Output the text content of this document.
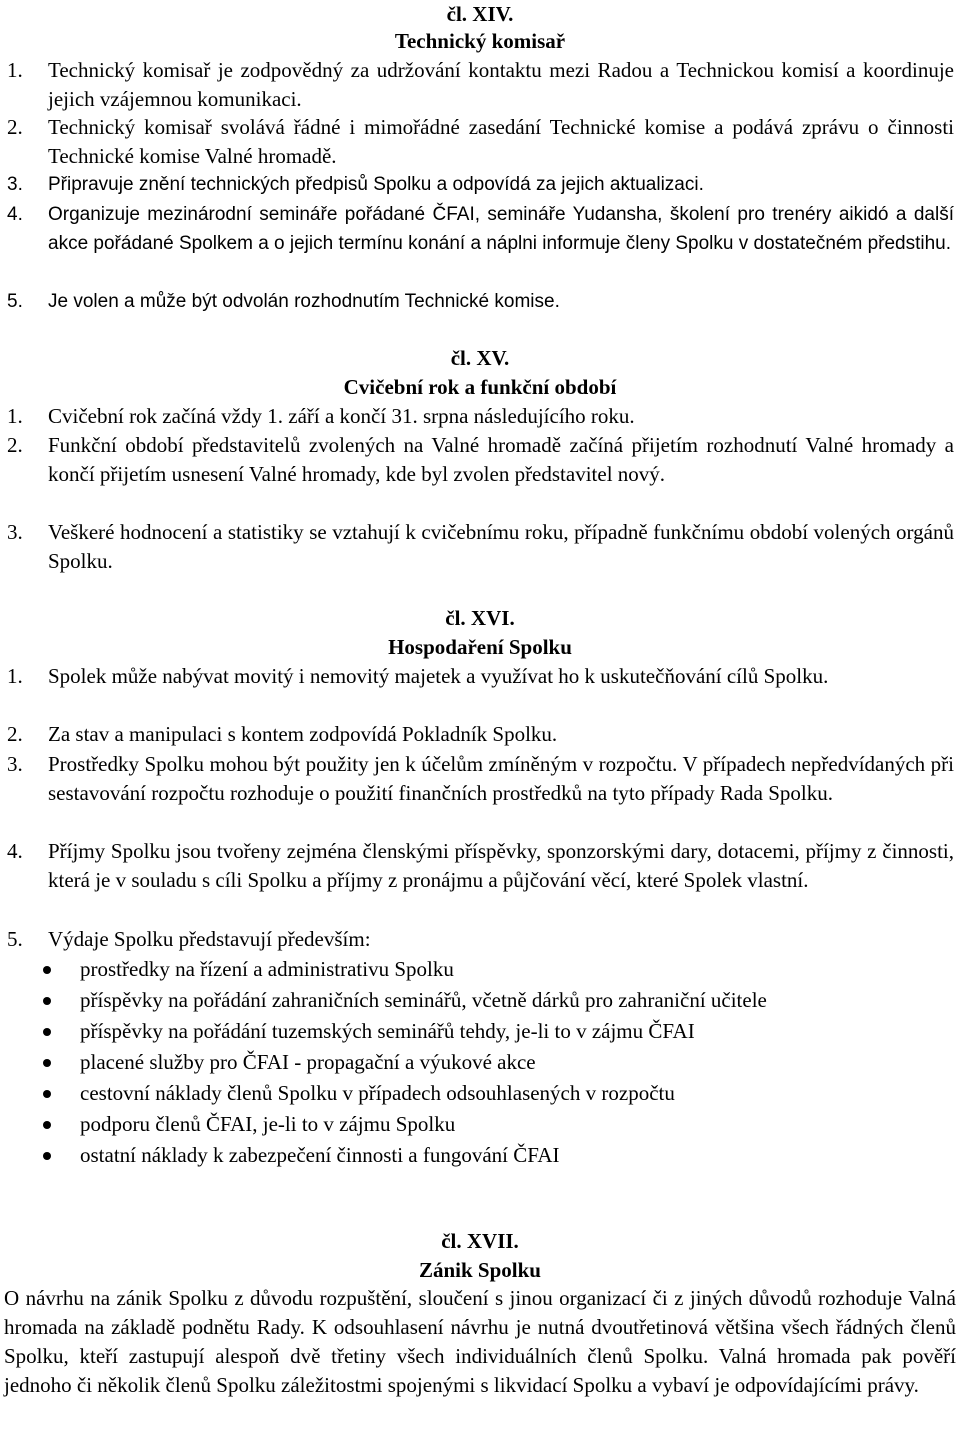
čl. XIV.
Technický komisař
1.	Technický komisař je zodpovědný za udržování kontaktu mezi Radou a Technickou komisí a koordinuje jejich vzájemnou komunikaci.
2.	Technický komisař svolává řádné i mimořádné zasedání Technické komise a podává zprávu o činnosti Technické komise Valné hromadě.
3.	Připravuje znění technických předpisů Spolku a odpovídá za jejich aktualizaci.
4.	Organizuje mezinárodní semináře pořádané ČFAI, semináře Yudansha, školení pro trenéry aikidó a další akce pořádané Spolkem a o jejich termínu konání a náplni informuje členy Spolku v dostatečném předstihu.
5.	Je volen a může být odvolán rozhodnutím Technické komise.
čl. XV.
Cvičební rok a funkční období
1.	Cvičební rok začíná vždy 1. září a končí 31. srpna následujícího roku.
2.	Funkční období představitelů zvolených na Valné hromadě začíná přijetím rozhodnutí Valné hromady a končí přijetím usnesení Valné hromady, kde byl zvolen představitel nový.
3.	Veškeré hodnocení a statistiky se vztahují k cvičebnímu roku, případně funkčnímu období volených orgánů Spolku.
čl. XVI.
Hospodaření Spolku
1.	Spolek může nabývat movitý i nemovitý majetek a využívat ho k uskutečňování cílů Spolku.
2.	Za stav a manipulaci s kontem zodpovídá Pokladník Spolku.
3.	Prostředky Spolku mohou být použity jen k účelům zmíněným v rozpočtu. V případech nepředvídaných při sestavování rozpočtu rozhoduje o použití finančních prostředků na tyto případy Rada Spolku.
4.	Příjmy Spolku jsou tvořeny zejména členskými příspěvky, sponzorskými dary, dotacemi, příjmy z činnosti, která je v souladu s cíli Spolku a příjmy z pronájmu a půjčování věcí, které Spolek vlastní.
5.	Výdaje Spolku představují především:
prostředky na řízení a administrativu Spolku
příspěvky na pořádání zahraničních seminářů, včetně dárků pro zahraniční učitele
příspěvky na pořádání tuzemských seminářů tehdy, je-li to v zájmu ČFAI
placené služby pro ČFAI - propagační a výukové akce
cestovní náklady členů Spolku v případech odsouhlasených v rozpočtu
podporu členů ČFAI, je-li to v zájmu Spolku
ostatní náklady k zabezpečení činnosti a fungování ČFAI
čl. XVII.
Zánik Spolku
O návrhu na zánik Spolku z důvodu rozpuštění, sloučení s jinou organizací či z jiných důvodů rozhoduje Valná hromada na základě podnětu Rady. K odsouhlasení návrhu je nutná dvoutřetinová většina všech řádných členů Spolku, kteří zastupují alespoň dvě třetiny všech individuálních členů Spolku. Valná hromada pak pověří jednoho či několik členů Spolku záležitostmi spojenými s likvidací Spolku a vybaví je odpovídajícími právy.
